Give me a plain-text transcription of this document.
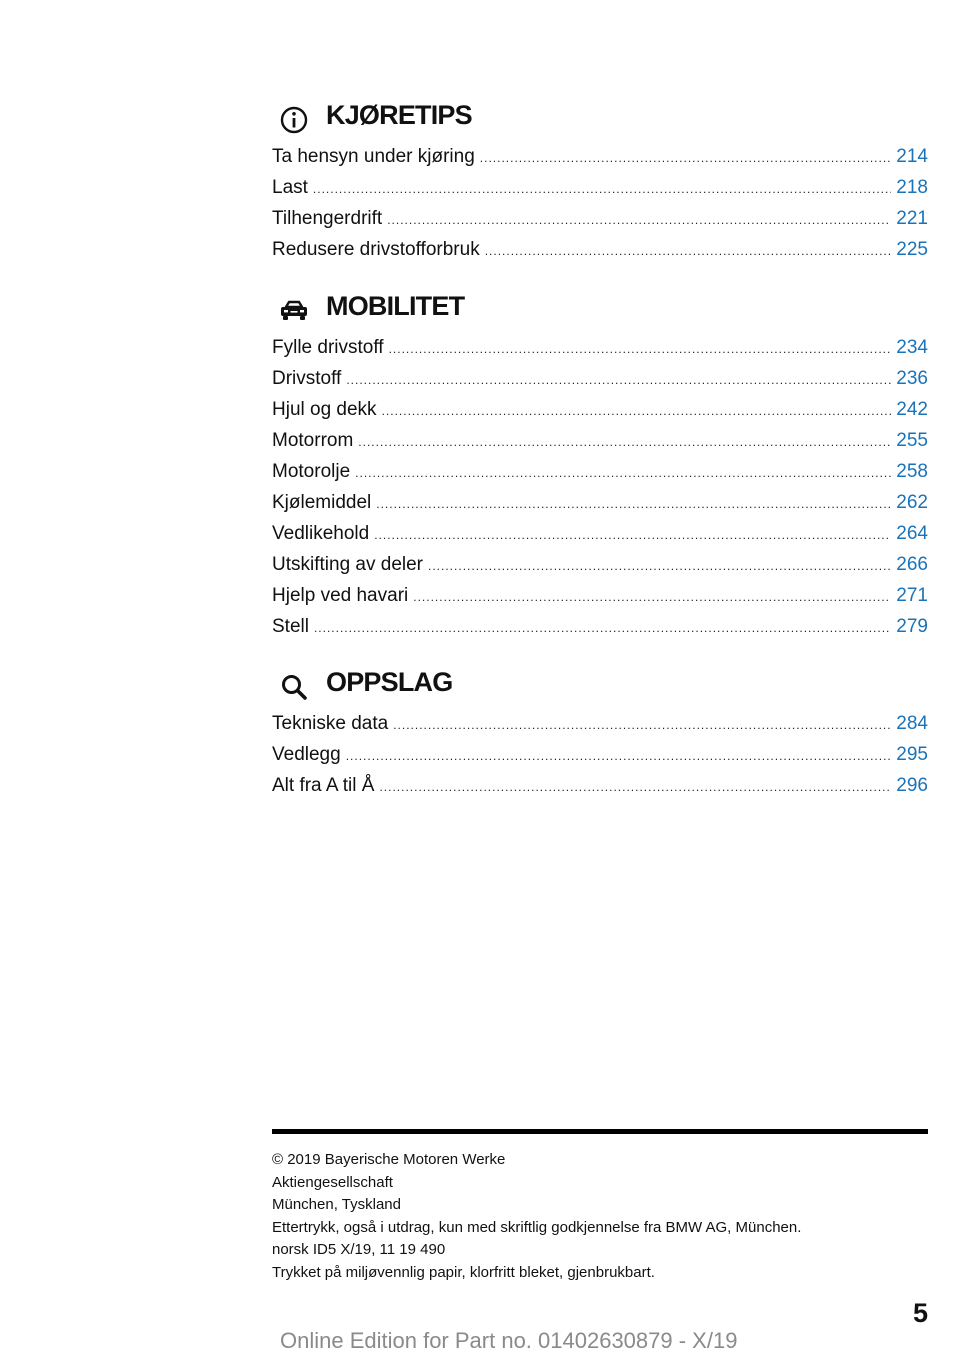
KJØRETIPS
Ta hensyn under kjøring .....	214
Last .....	218
Tilhengerdrift .....	221
Redusere drivstofforbruk .....	225
MOBILITET
Fylle drivstoff .....	234
Drivstoff .....	236
Hjul og dekk .....	242
Motorrom .....	255
Motorolje .....	258
Kjølemiddel .....	262
Vedlikehold .....	264
Utskifting av deler .....	266
Hjelp ved havari .....	271
Stell .....	279
OPPSLAG
Tekniske data .....	284
Vedlegg .....	295
Alt fra A til Å .....	296
© 2019 Bayerische Motoren Werke
Aktiengesellschaft
München, Tyskland
Ettertrykk, også i utdrag, kun med skriftlig godkjennelse fra BMW AG, München.
norsk ID5 X/19, 11 19 490
Trykket på miljøvennlig papir, klorfritt bleket, gjenbrukbart.
5
Online Edition for Part no. 01402630879 - X/19
